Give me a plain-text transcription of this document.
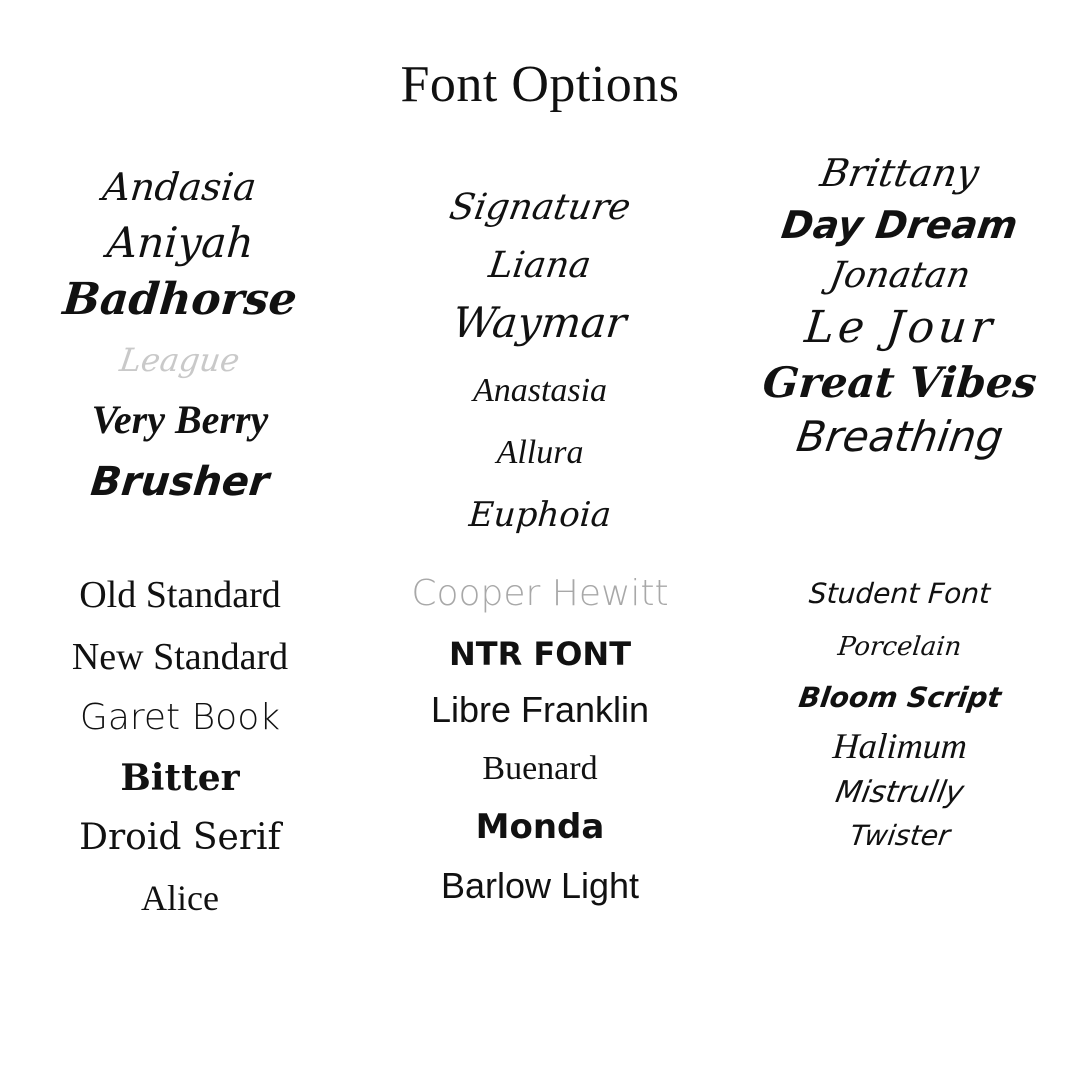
Font Options
Andasia
Aniyah
Badhorse
League
Very Berry
Brusher
Signature
Liana
Waymar
Anastasia
Allura
Euphoia
Brittany
Day Dream
Jonatan
Le Jour
Great Vibes
Breathing
Old Standard
New Standard
Garet Book
Bitter
Droid Serif
Alice
Cooper Hewitt
NTR FONT
Libre Franklin
Buenard
Monda
Barlow Light
Student Font
Porcelain
Bloom Script
Halimum
Mistrully
Twister
